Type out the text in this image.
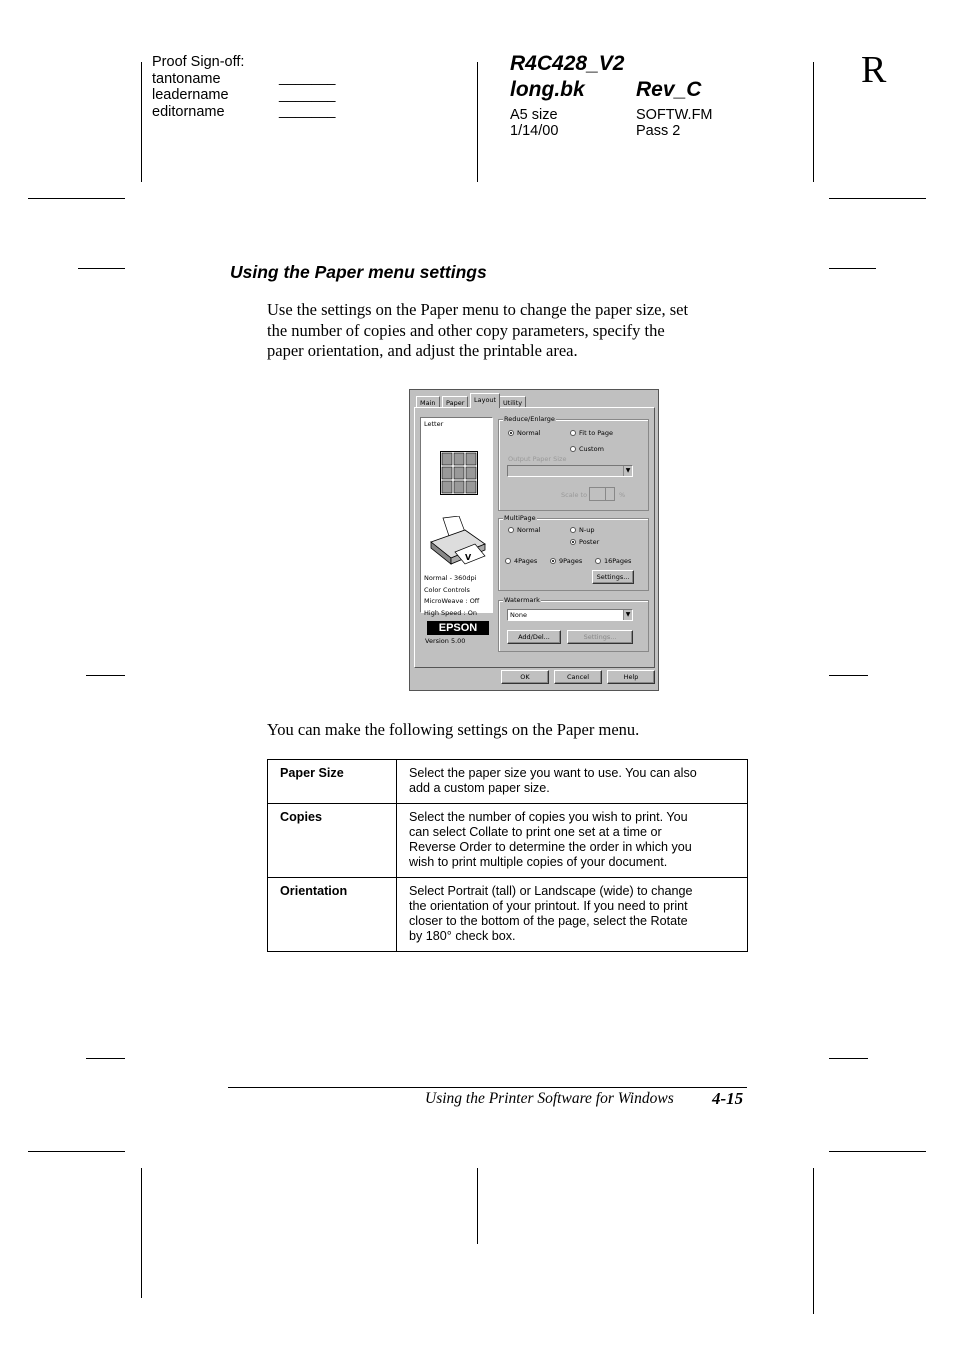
Proof Sign-off:
tantoname
leadername
editorname
_______
_______
_______
R4C428_V2
long.bk Rev_C
A5 size
1/14/00
SOFTW.FM
Pass 2
R
Using the Paper menu settings
Use the settings on the Paper menu to change the paper size, set
the number of copies and other copy parameters, specify the
paper orientation, and adjust the printable area.
Main	Paper	Layout	Utility
Letter
V
Normal - 360dpi
Color Controls
MicroWeave : Off
High Speed : On
EPSON
Version 5.00
Reduce/Enlarge
Normal	Fit to Page
Custom
Output Paper Size
▼
Scale to	%
MultiPage
Normal	N-up
Poster
4Pages	9Pages	16Pages
Settings...
Watermark
None	▼
Add/Del...	Settings...
OK	Cancel	Help
You can make the following settings on the Paper menu.
Paper Size	Select the paper size you want to use. You can also
add a custom paper size.

Copies	Select the number of copies you wish to print. You
can select Collate to print one set at a time or
Reverse Order to determine the order in which you
wish to print multiple copies of your document.

Orientation	Select Portrait (tall) or Landscape (wide) to change
the orientation of your printout. If you need to print
closer to the bottom of the page, select the Rotate
by 180° check box.
Using the Printer Software for Windows 4-15
